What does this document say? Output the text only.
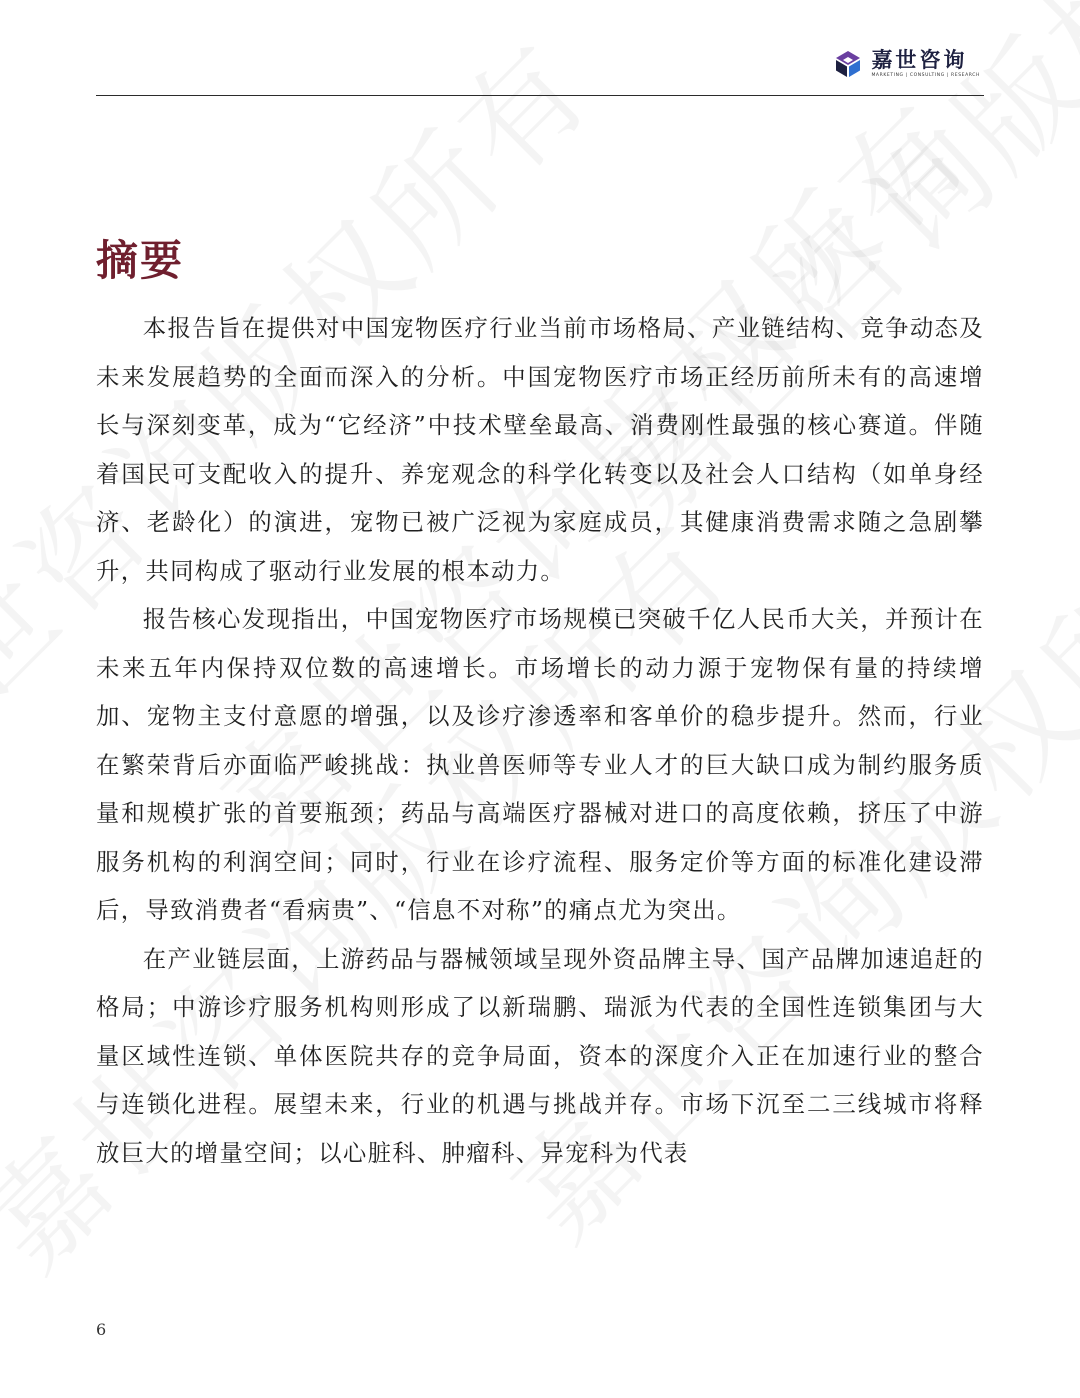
嘉世咨询
MARKETING | CONSULTING | RESEARCH
摘要

本报告旨在提供对中国宠物医疗行业当前市场格局、产业链结构、竞争动态及未来发展趋势的全面而深入的分析。中国宠物医疗市场正经历前所未有的高速增长与深刻变革，成为“它经济”中技术壁垒最高、消费刚性最强的核心赛道。伴随着国民可支配收入的提升、养宠观念的科学化转变以及社会人口结构（如单身经济、老龄化）的演进，宠物已被广泛视为家庭成员，其健康消费需求随之急剧攀升，共同构成了驱动行业发展的根本动力。

报告核心发现指出，中国宠物医疗市场规模已突破千亿人民币大关，并预计在未来五年内保持双位数的高速增长。市场增长的动力源于宠物保有量的持续增加、宠物主支付意愿的增强，以及诊疗渗透率和客单价的稳步提升。然而，行业在繁荣背后亦面临严峻挑战：执业兽医师等专业人才的巨大缺口成为制约服务质量和规模扩张的首要瓶颈；药品与高端医疗器械对进口的高度依赖，挤压了中游服务机构的利润空间；同时，行业在诊疗流程、服务定价等方面的标准化建设滞后，导致消费者“看病贵”、“信息不对称”的痛点尤为突出。

在产业链层面，上游药品与器械领域呈现外资品牌主导、国产品牌加速追赶的格局；中游诊疗服务机构则形成了以新瑞鹏、瑞派为代表的全国性连锁集团与大量区域性连锁、单体医院共存的竞争局面，资本的深度介入正在加速行业的整合与连锁化进程。展望未来，行业的机遇与挑战并存。市场下沉至二三线城市将释放巨大的增量空间；以心脏科、肿瘤科、异宠科为代表

6
